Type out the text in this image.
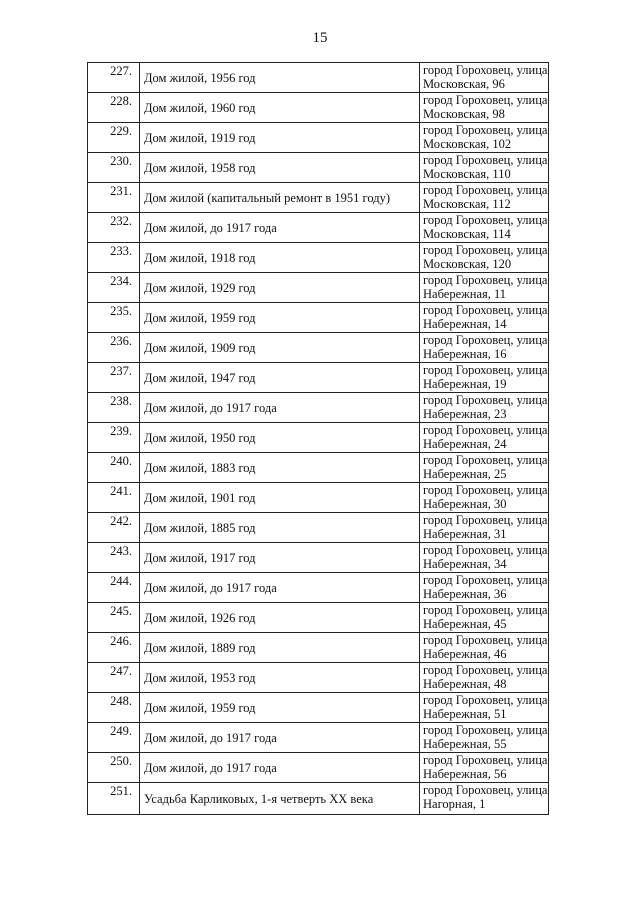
15
227.	Дом жилой, 1956 год	город Гороховец, улица
Московская, 96

228.	Дом жилой, 1960 год	город Гороховец, улица
Московская, 98

229.	Дом жилой, 1919 год	город Гороховец, улица
Московская, 102

230.	Дом жилой, 1958 год	город Гороховец, улица
Московская, 110

231.	Дом жилой (капитальный ремонт в 1951 году)	город Гороховец, улица
Московская, 112

232.	Дом жилой, до 1917 года	город Гороховец, улица
Московская, 114

233.	Дом жилой, 1918 год	город Гороховец, улица
Московская, 120

234.	Дом жилой, 1929 год	город Гороховец, улица
Набережная, 11

235.	Дом жилой, 1959 год	город Гороховец, улица
Набережная, 14

236.	Дом жилой, 1909 год	город Гороховец, улица
Набережная, 16

237.	Дом жилой, 1947 год	город Гороховец, улица
Набережная, 19

238.	Дом жилой, до 1917 года	город Гороховец, улица
Набережная, 23

239.	Дом жилой, 1950 год	город Гороховец, улица
Набережная, 24

240.	Дом жилой, 1883 год	город Гороховец, улица
Набережная, 25

241.	Дом жилой, 1901 год	город Гороховец, улица
Набережная, 30

242.	Дом жилой, 1885 год	город Гороховец, улица
Набережная, 31

243.	Дом жилой, 1917 год	город Гороховец, улица
Набережная, 34

244.	Дом жилой, до 1917 года	город Гороховец, улица
Набережная, 36

245.	Дом жилой, 1926 год	город Гороховец, улица
Набережная, 45

246.	Дом жилой, 1889 год	город Гороховец, улица
Набережная, 46

247.	Дом жилой, 1953 год	город Гороховец, улица
Набережная, 48

248.	Дом жилой, 1959 год	город Гороховец, улица
Набережная, 51

249.	Дом жилой, до 1917 года	город Гороховец, улица
Набережная, 55

250.	Дом жилой, до 1917 года	город Гороховец, улица
Набережная, 56

251.	Усадьба Карликовых, 1-я четверть XX века	город Гороховец, улица
Нагорная, 1
